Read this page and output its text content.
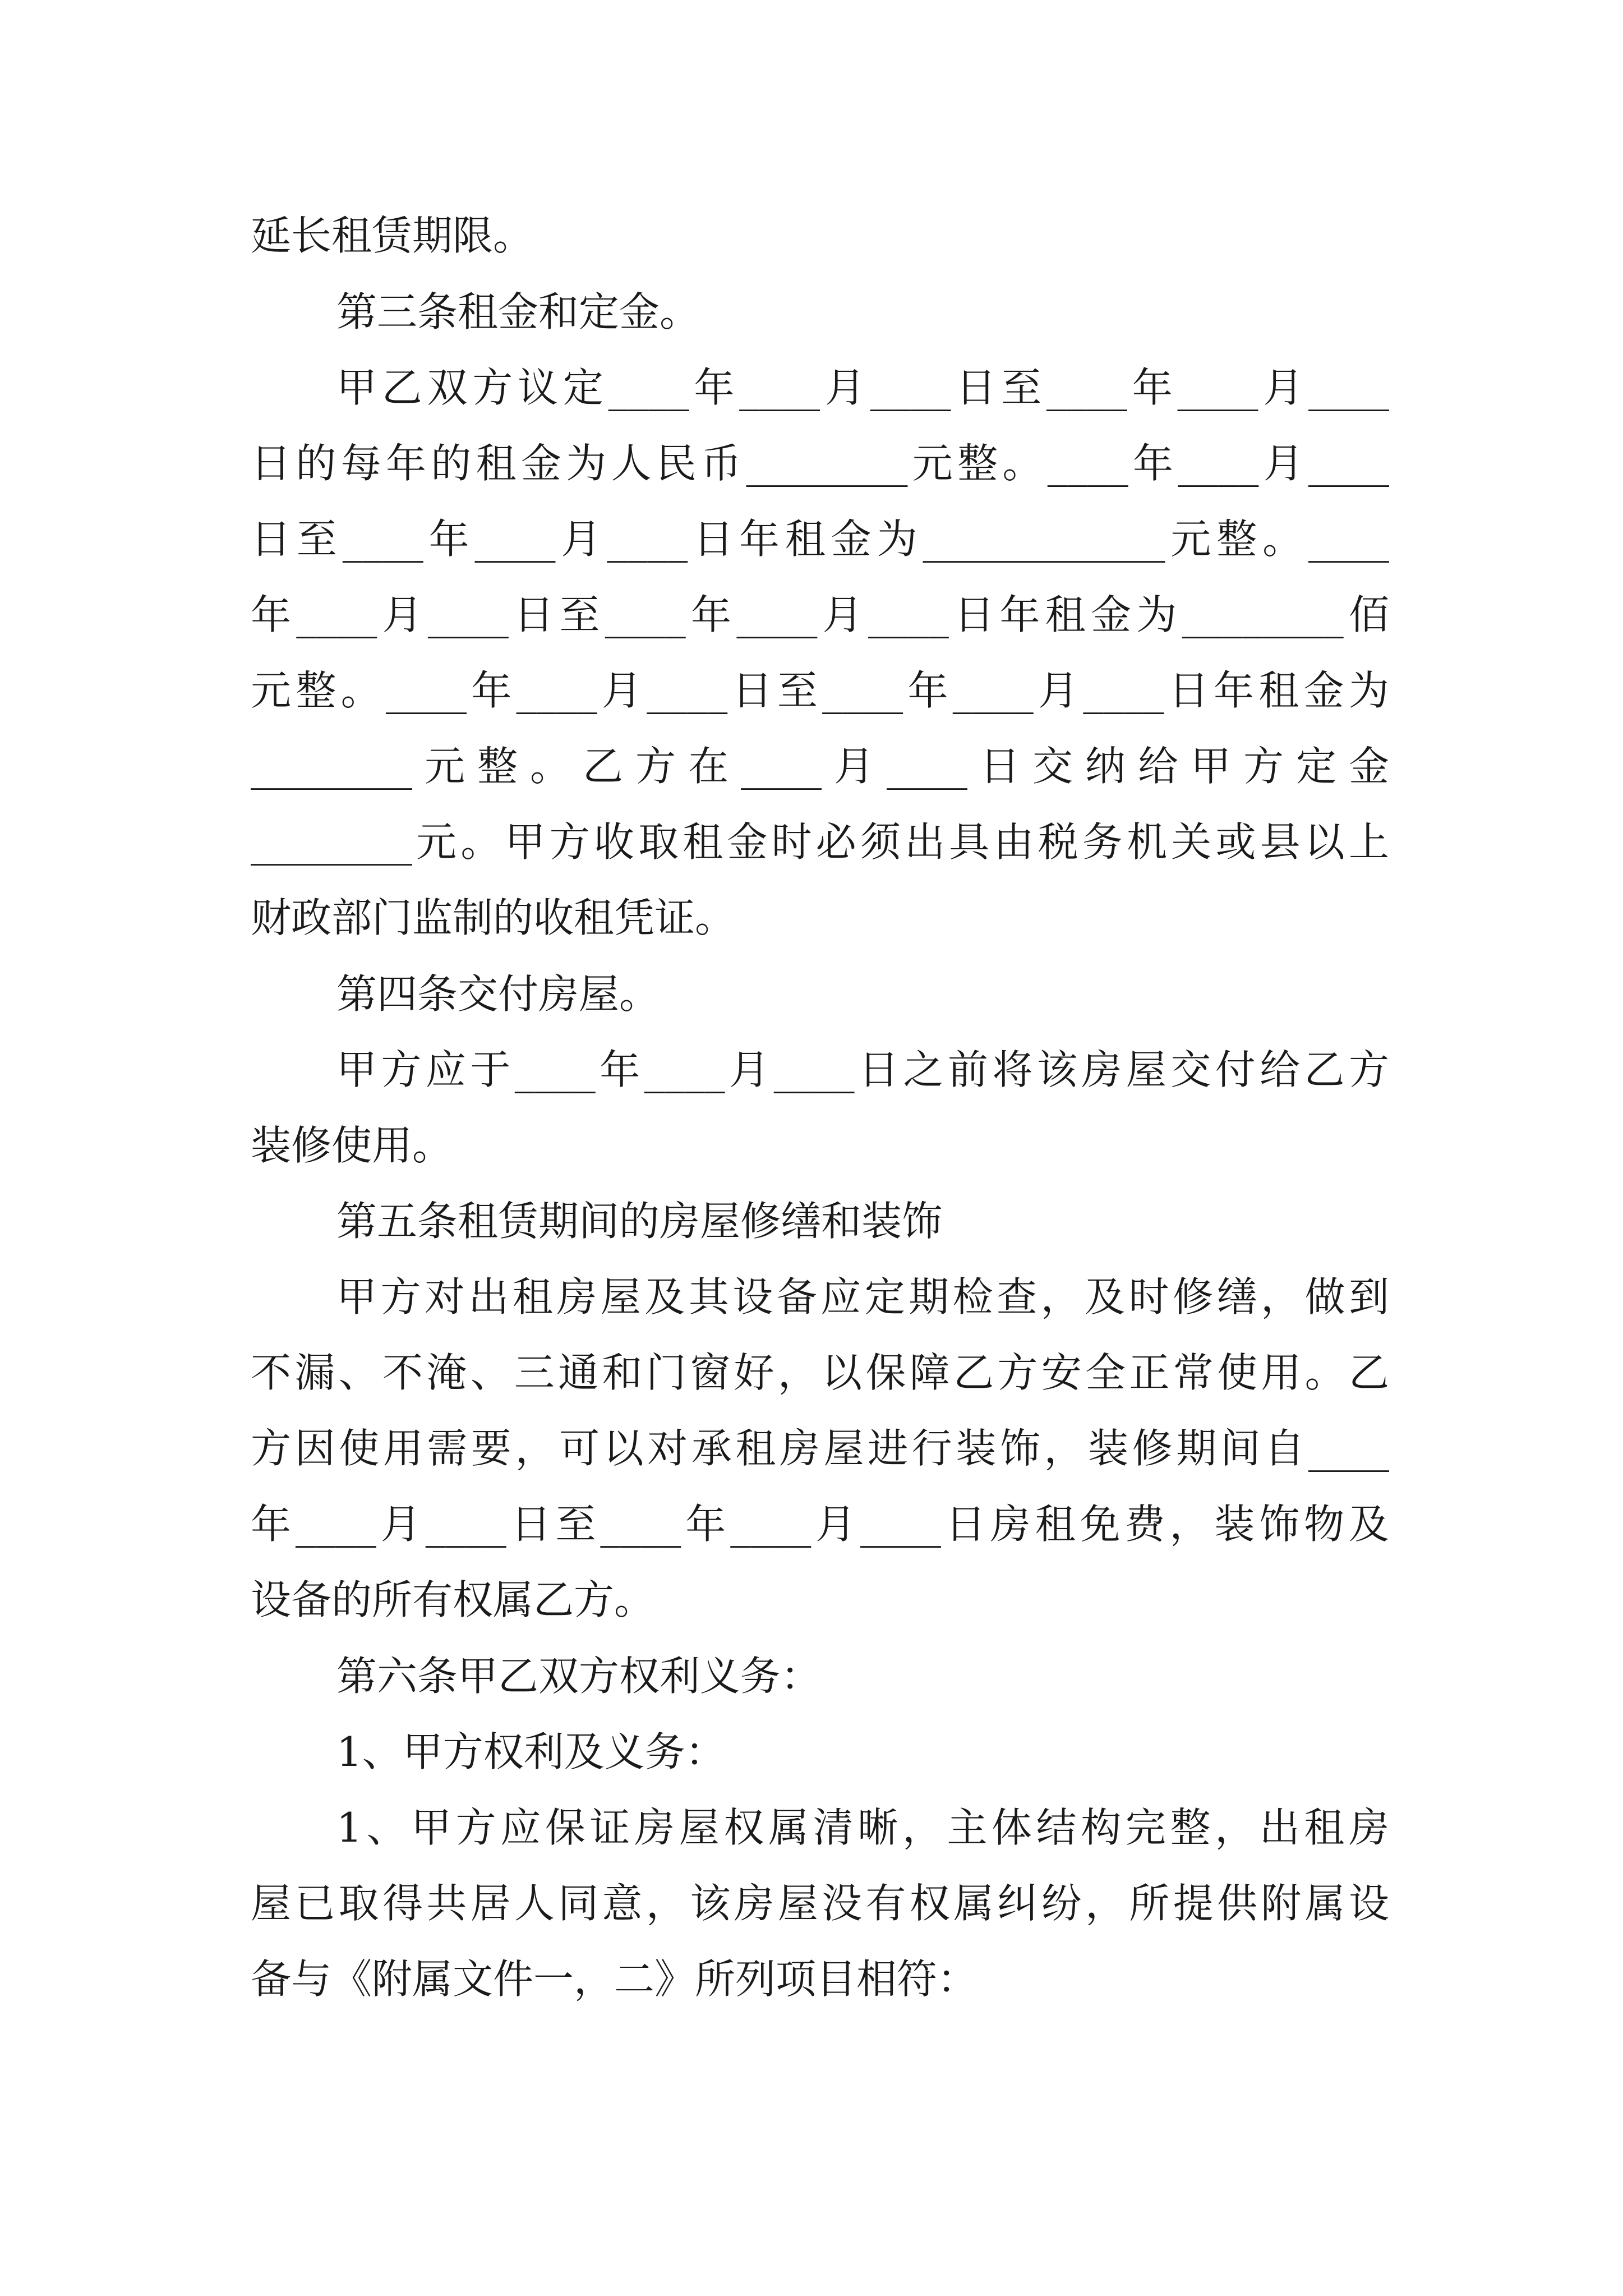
延长租赁期限。
第三条租金和定金。
甲乙双方议定____年____月____日至____年____月____
日的每年的租金为人民币________元整。____年____月____
日至____年____月____日年租金为____________元整。____
年____月____日至____年____月____日年租金为________佰
元整。____年____月____日至____年____月____日年租金为
________元整。乙方在____月____日交纳给甲方定金
________元。甲方收取租金时必须出具由税务机关或县以上
财政部门监制的收租凭证。
第四条交付房屋。
甲方应于____年____月____日之前将该房屋交付给乙方
装修使用。
第五条租赁期间的房屋修缮和装饰
甲方对出租房屋及其设备应定期检查，及时修缮，做到
不漏、不淹、三通和门窗好，以保障乙方安全正常使用。乙
方因使用需要，可以对承租房屋进行装饰，装修期间自____
年____月____日至____年____月____日房租免费，装饰物及
设备的所有权属乙方。
第六条甲乙双方权利义务：
1、甲方权利及义务：
1、甲方应保证房屋权属清晰，主体结构完整，出租房
屋已取得共居人同意，该房屋没有权属纠纷，所提供附属设
备与《附属文件一，二》所列项目相符：
